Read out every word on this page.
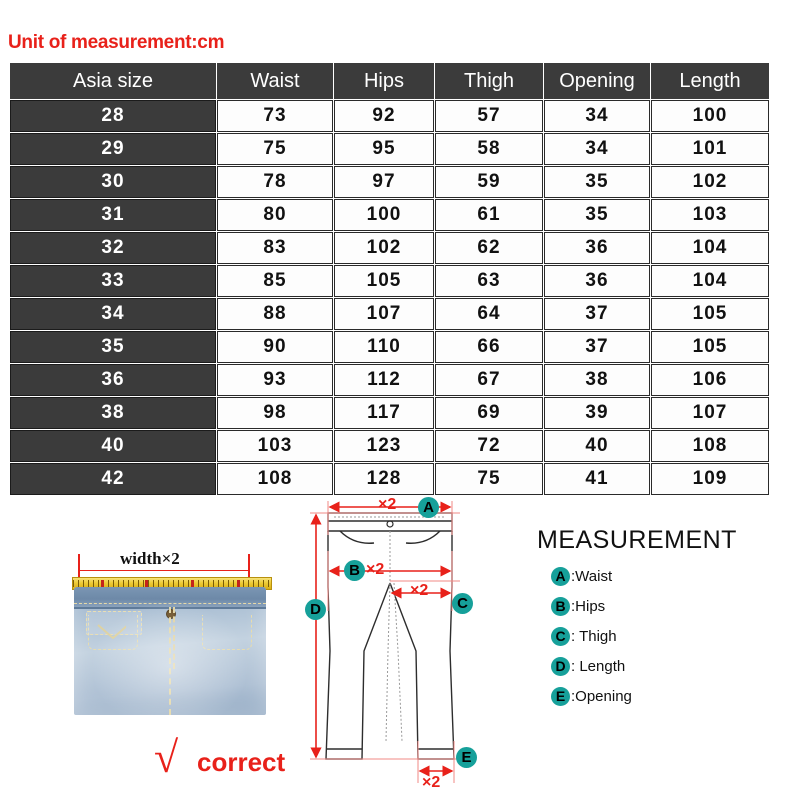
Unit of measurement:cm
Asia size	Waist	Hips	Thigh	Opening	Length
28	73	92	57	34	100
29	75	95	58	34	101
30	78	97	59	35	102
31	80	100	61	35	103
32	83	102	62	36	104
33	85	105	63	36	104
34	88	107	64	37	105
35	90	110	66	37	105
36	93	112	67	38	106
38	98	117	69	39	107
40	103	123	72	40	108
42	108	128	75	41	109
width×2
√ correct
×2	A
B ×2
×2
C
D
E
×2
MEASUREMENT
A :Waist
B :Hips
C : Thigh
D : Length
E :Opening
